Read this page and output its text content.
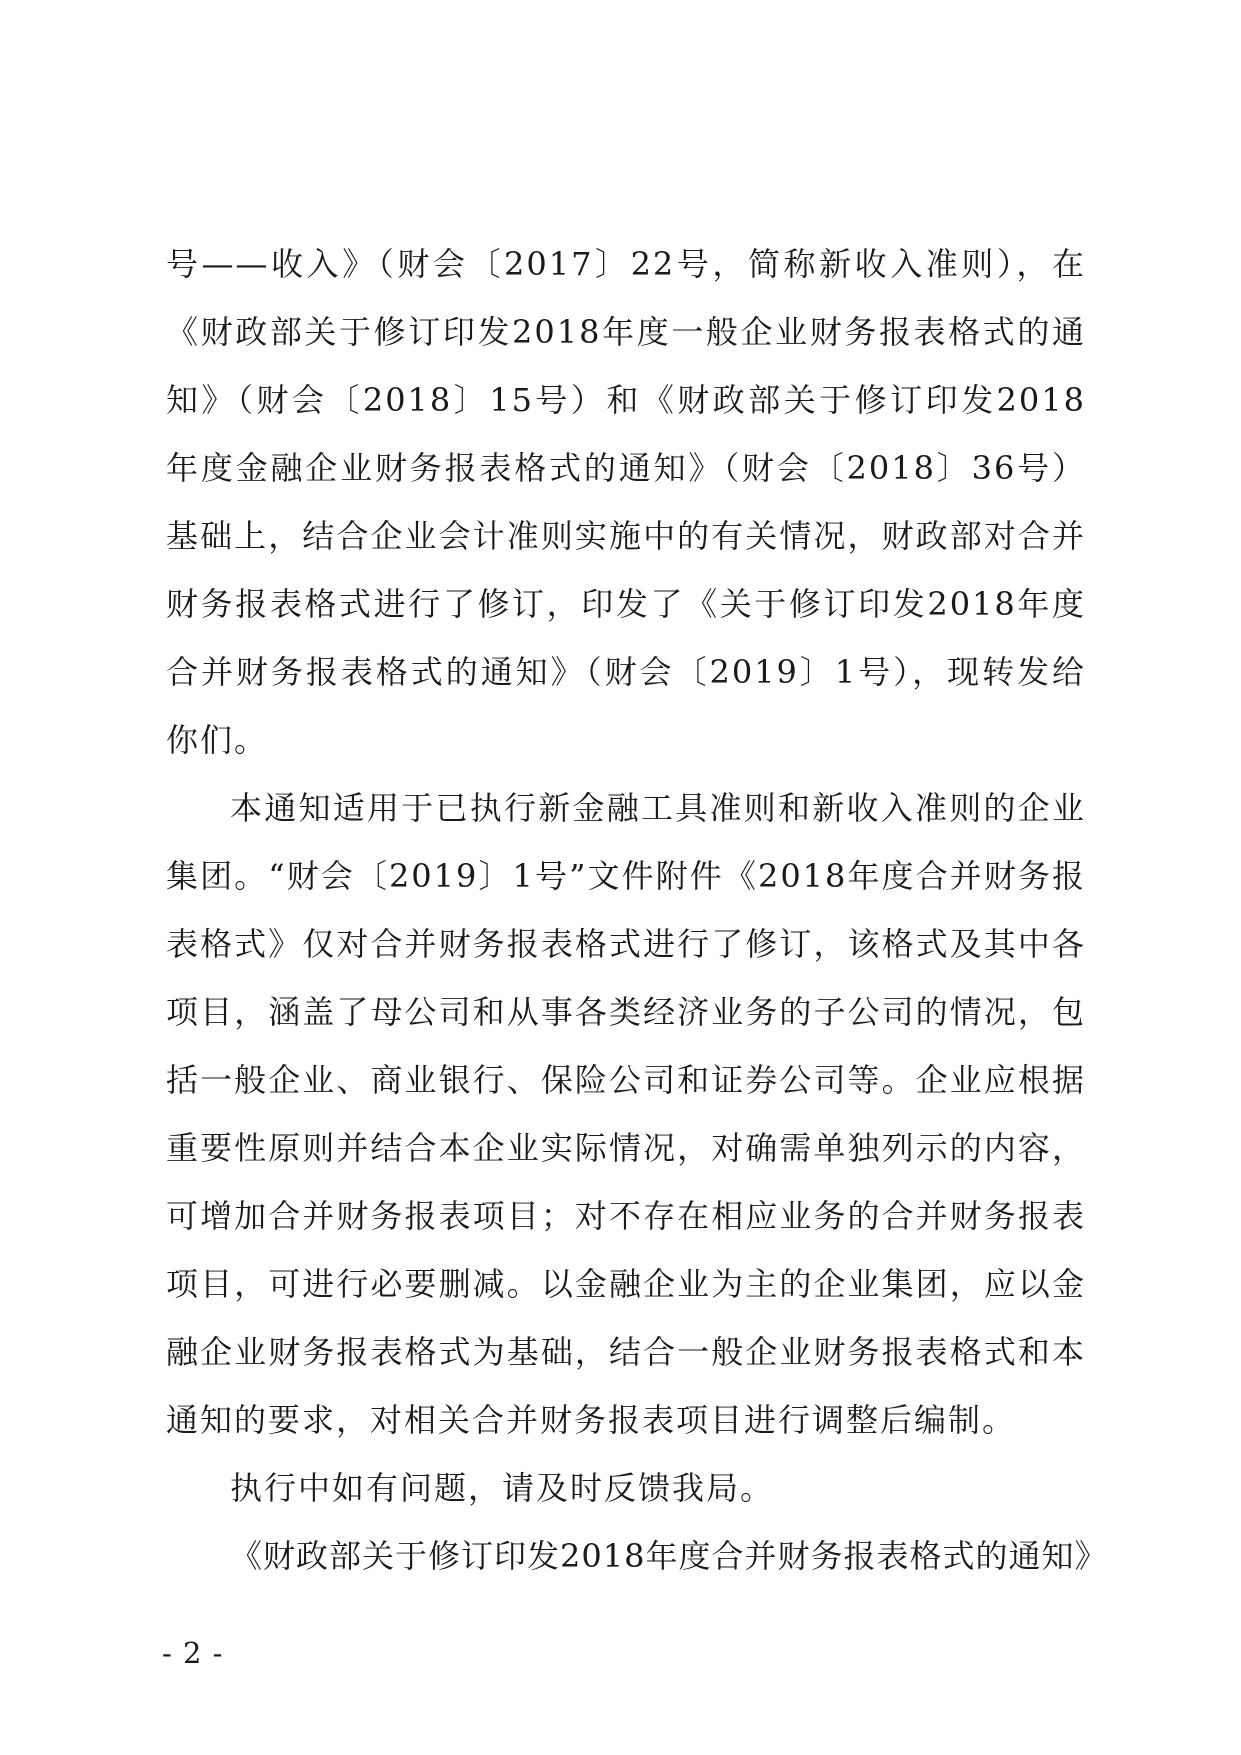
号——收入》（财会〔2017〕22号，简称新收入准则），在《财政部关于修订印发2018年度一般企业财务报表格式的通知》（财会〔2018〕15号）和《财政部关于修订印发2018年度金融企业财务报表格式的通知》（财会〔2018〕36号）基础上，结合企业会计准则实施中的有关情况，财政部对合并财务报表格式进行了修订，印发了《关于修订印发2018年度合并财务报表格式的通知》（财会〔2019〕1号），现转发给你们。

本通知适用于已执行新金融工具准则和新收入准则的企业集团。“财会〔2019〕1号”文件附件《2018年度合并财务报表格式》仅对合并财务报表格式进行了修订，该格式及其中各项目，涵盖了母公司和从事各类经济业务的子公司的情况，包括一般企业、商业银行、保险公司和证券公司等。企业应根据重要性原则并结合本企业实际情况，对确需单独列示的内容，可增加合并财务报表项目；对不存在相应业务的合并财务报表项目，可进行必要删减。以金融企业为主的企业集团，应以金融企业财务报表格式为基础，结合一般企业财务报表格式和本通知的要求，对相关合并财务报表项目进行调整后编制。

执行中如有问题，请及时反馈我局。

《财政部关于修订印发2018年度合并财务报表格式的通知》

- 2 -
